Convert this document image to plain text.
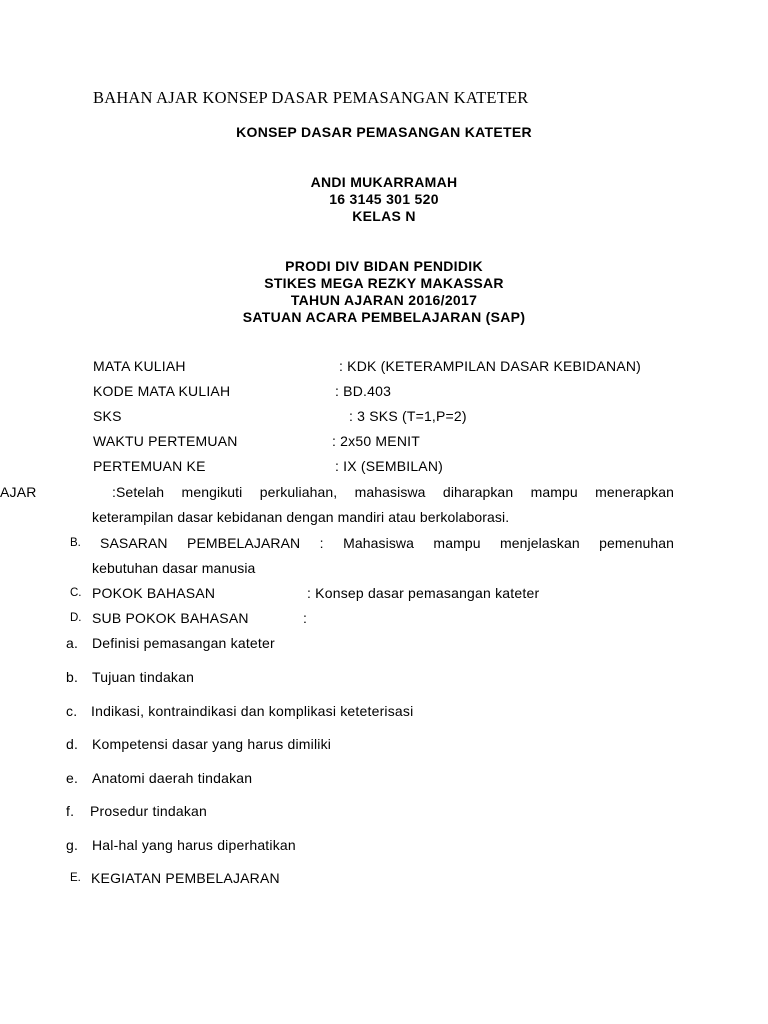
BAHAN AJAR KONSEP DASAR PEMASANGAN KATETER
KONSEP DASAR PEMASANGAN KATETER
ANDI MUKARRAMAH
16 3145 301 520
KELAS N
PRODI DIV BIDAN PENDIDIK
STIKES MEGA REZKY MAKASSAR
TAHUN AJARAN 2016/2017
SATUAN ACARA PEMBELAJARAN (SAP)
MATA KULIAH	: KDK (KETERAMPILAN DASAR KEBIDANAN)
KODE MATA KULIAH	: BD.403
SKS	: 3 SKS (T=1,P=2)
WAKTU PERTEMUAN	: 2x50 MENIT
PERTEMUAN KE	: IX (SEMBILAN)
AJAR	:Setelah mengikuti perkuliahan, mahasiswa diharapkan mampu menerapkan
keterampilan dasar kebidanan dengan mandiri atau berkolaborasi.
B. SASARAN PEMBELAJARAN : Mahasiswa mampu menjelaskan pemenuhan
kebutuhan dasar manusia
C. POKOK BAHASAN	: Konsep dasar pemasangan kateter
D. SUB POKOK BAHASAN	:
a. Definisi pemasangan kateter
b. Tujuan tindakan
c. Indikasi, kontraindikasi dan komplikasi keteterisasi
d. Kompetensi dasar yang harus dimiliki
e. Anatomi daerah tindakan
f. Prosedur tindakan
g. Hal-hal yang harus diperhatikan
E. KEGIATAN PEMBELAJARAN
